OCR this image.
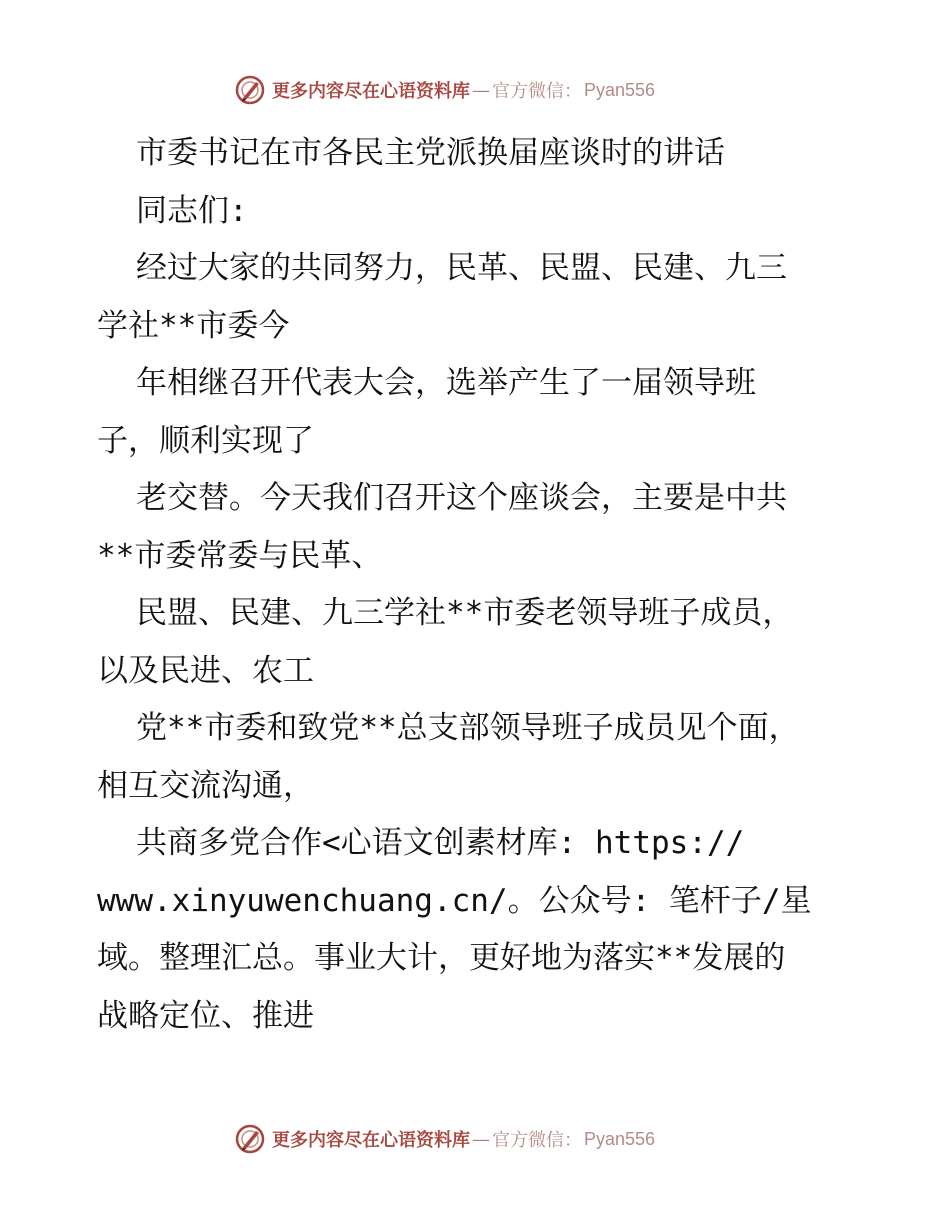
更多内容尽在心语资料库 — 官方微信： Pyan556
市委书记在市各民主党派换届座谈时的讲话
同志们:
经过大家的共同努力，民革、民盟、民建、九三
学社**市委今
年相继召开代表大会，选举产生了一届领导班
子，顺利实现了
老交替。今天我们召开这个座谈会，主要是中共
**市委常委与民革、
民盟、民建、九三学社**市委老领导班子成员，
以及民进、农工
党**市委和致党**总支部领导班子成员见个面，
相互交流沟通，
共商多党合作<心语文创素材库: https://
www.xinyuwenchuang.cn/。公众号: 笔杆子/星
域。整理汇总。事业大计，更好地为落实**发展的
战略定位、推进
更多内容尽在心语资料库 — 官方微信： Pyan556
